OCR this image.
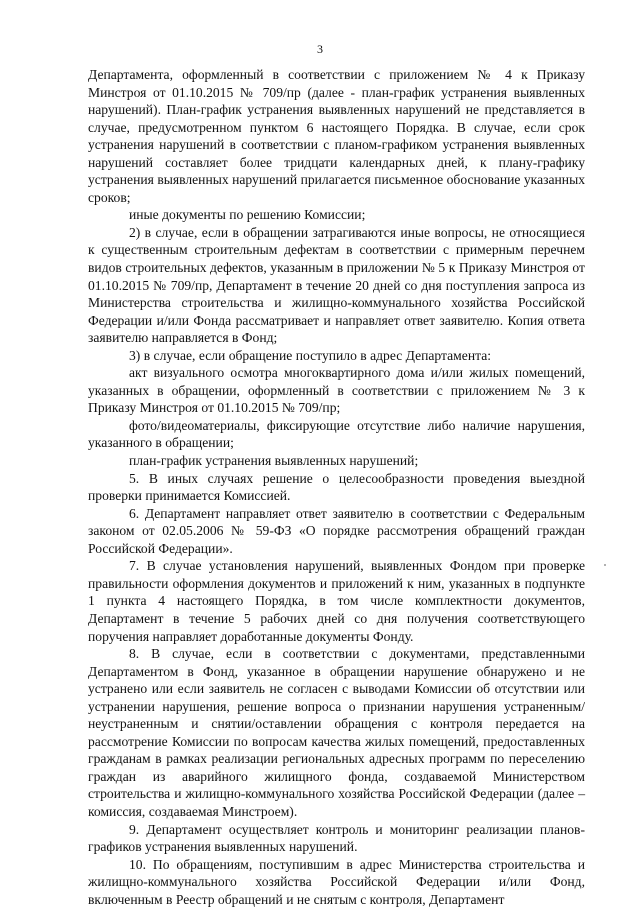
3

Департамента, оформленный в соответствии с приложением № 4 к Приказу Минстроя от 01.10.2015 № 709/пр (далее - план-график устранения выявленных нарушений). План-график устранения выявленных нарушений не представляется в случае, предусмотренном пунктом 6 настоящего Порядка. В случае, если срок устранения нарушений в соответствии с планом-графиком устранения выявленных нарушений составляет более тридцати календарных дней, к плану-графику устранения выявленных нарушений прилагается письменное обоснование указанных сроков;

иные документы по решению Комиссии;

2) в случае, если в обращении затрагиваются иные вопросы, не относящиеся к существенным строительным дефектам в соответствии с примерным перечнем видов строительных дефектов, указанным в приложении № 5 к Приказу Минстроя от 01.10.2015 № 709/пр, Департамент в течение 20 дней со дня поступления запроса из Министерства строительства и жилищно-коммунального хозяйства Российской Федерации и/или Фонда рассматривает и направляет ответ заявителю. Копия ответа заявителю направляется в Фонд;

3) в случае, если обращение поступило в адрес Департамента:

акт визуального осмотра многоквартирного дома и/или жилых помещений, указанных в обращении, оформленный в соответствии с приложением № 3 к Приказу Минстроя от 01.10.2015 № 709/пр;

фото/видеоматериалы, фиксирующие отсутствие либо наличие нарушения, указанного в обращении;

план-график устранения выявленных нарушений;

5. В иных случаях решение о целесообразности проведения выездной проверки принимается Комиссией.

6. Департамент направляет ответ заявителю в соответствии с Федеральным законом от 02.05.2006 № 59-ФЗ «О порядке рассмотрения обращений граждан Российской Федерации».

7. В случае установления нарушений, выявленных Фондом при проверке правильности оформления документов и приложений к ним, указанных в подпункте 1 пункта 4 настоящего Порядка, в том числе комплектности документов, Департамент в течение 5 рабочих дней со дня получения соответствующего поручения направляет доработанные документы Фонду.

8. В случае, если в соответствии с документами, представленными Департаментом в Фонд, указанное в обращении нарушение обнаружено и не устранено или если заявитель не согласен с выводами Комиссии об отсутствии или устранении нарушения, решение вопроса о признании нарушения устраненным/неустраненным и снятии/оставлении обращения с контроля передается на рассмотрение Комиссии по вопросам качества жилых помещений, предоставленных гражданам в рамках реализации региональных адресных программ по переселению граждан из аварийного жилищного фонда, создаваемой Министерством строительства и жилищно-коммунального хозяйства Российской Федерации (далее – комиссия, создаваемая Минстроем).

9. Департамент осуществляет контроль и мониторинг реализации планов-графиков устранения выявленных нарушений.

10. По обращениям, поступившим в адрес Министерства строительства и жилищно-коммунального хозяйства Российской Федерации и/или Фонд, включенным в Реестр обращений и не снятым с контроля, Департамент
